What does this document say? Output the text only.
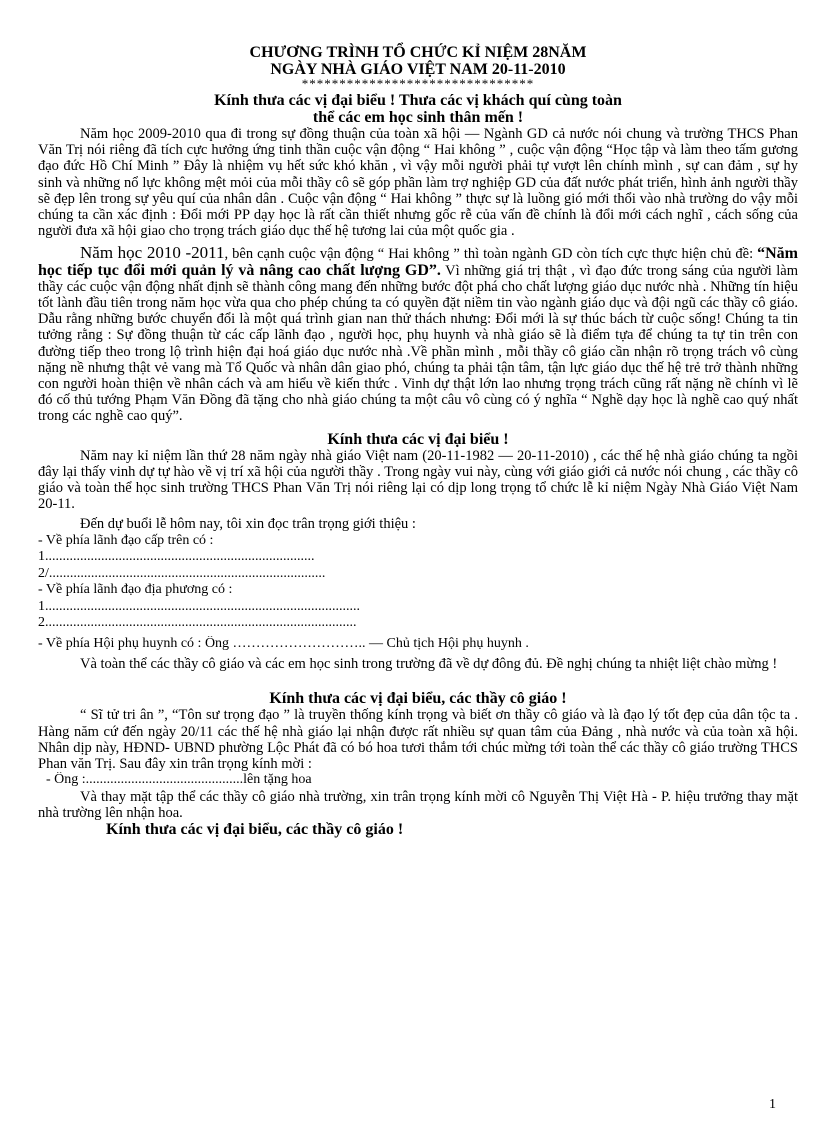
CHƯƠNG TRÌNH TỔ CHỨC KỈ NIỆM 28NĂM
NGÀY NHÀ GIÁO VIỆT NAM 20-11-2010
*******************************
Kính thưa các vị đại biểu ! Thưa các vị khách quí cùng toàn
thể các em học sinh thân mến !

Năm học 2009-2010 qua đi trong sự đồng thuận của toàn xã hội — Ngành GD cả nước nói chung và trường THCS Phan Văn Trị nói riêng đã tích cực hưởng ứng tinh thần cuộc vận động “ Hai không ” , cuộc vận động “Học tập và làm theo tấm gương đạo đức Hồ Chí Minh ” Đây là nhiệm vụ hết sức khó khăn , vì vậy mỗi người phải tự vượt lên chính mình , sự can đảm , sự hy sinh và những nổ lực không mệt mỏi của mỗi thầy cô sẽ góp phần làm trợ nghiệp GD của đất nước phát triển, hình ảnh người thầy sẽ đẹp lên trong sự yêu quí của nhân dân . Cuộc vận động “ Hai không ” thực sự là luồng gió mới thổi vào nhà trường do vậy mỗi chúng ta cần xác định : Đổi mới PP dạy học là rất cần thiết nhưng gốc rễ của vấn đề chính là đổi mới cách nghĩ , cách sống của người đưa xã hội giao cho trọng trách giáo dục thế hệ tương lai của một quốc gia .

Năm học 2010 -2011, bên cạnh cuộc vận động “ Hai không ” thì toàn ngành GD còn tích cực thực hiện chủ đề: “Năm học tiếp tục đổi mới quản lý và nâng cao chất lượng GD”. Vì những giá trị thật , vì đạo đức trong sáng của người làm thầy các cuộc vận động nhất định sẽ thành công mang đến những bước đột phá cho chất lượng giáo dục nước nhà . Những tín hiệu tốt lành đầu tiên trong năm học vừa qua cho phép chúng ta có quyền đặt niềm tin vào ngành giáo dục và đội ngũ các thầy cô giáo. Dẫu rằng những bước chuyển đổi là một quá trình gian nan thử thách nhưng: Đổi mới là sự thúc bách từ cuộc sống! Chúng ta tin tưởng rằng : Sự đồng thuận từ các cấp lãnh đạo , người học, phụ huynh và nhà giáo sẽ là điểm tựa để chúng ta tự tin trên con đường tiếp theo trong lộ trình hiện đại hoá giáo dục nước nhà .Về phần mình , mỗi thầy cô giáo cần nhận rõ trọng trách vô cùng nặng nề nhưng thật vẻ vang mà Tổ Quốc và nhân dân giao phó, chúng ta phải tận tâm, tận lực giáo dục thế hệ trẻ trở thành những con người hoàn thiện về nhân cách và am hiểu về kiến thức . Vinh dự thật lớn lao nhưng trọng trách cũng rất nặng nề chính vì lẽ đó cố thủ tướng Phạm Văn Đồng đã tặng cho nhà giáo chúng ta một câu vô cùng có ý nghĩa “ Nghề dạy học là nghề cao quý nhất trong các nghề cao quý”.

Kính thưa các vị đại biểu !

Năm nay kỉ niệm lần thứ 28 năm ngày nhà giáo Việt nam (20-11-1982 — 20-11-2010) , các thế hệ nhà giáo chúng ta ngồi đây lại thấy vinh dự tự hào về vị trí xã hội của người thầy . Trong ngày vui này, cùng với giáo giới cả nước nói chung , các thầy cô giáo và toàn thể học sinh trường THCS Phan Văn Trị nói riêng lại có dịp long trọng tổ chức lễ kỉ niệm Ngày Nhà Giáo Việt Nam 20-11.

Đến dự buổi lễ hôm nay, tôi xin đọc trân trọng giới thiệu :

- Về phía lãnh đạo cấp trên có :
1.............................................................................
2/...............................................................................
- Về phía lãnh đạo địa phương có :
1..........................................................................................
2.........................................................................................
- Về phía Hội phụ huynh có : Ông ……………………….. — Chủ tịch Hội phụ huynh .

Và toàn thể các thầy cô giáo và các em học sinh trong trường đã về dự đông đủ. Đề nghị chúng ta nhiệt liệt chào mừng !

Kính thưa các vị đại biểu, các thầy cô giáo !

“ Sĩ tử tri ân ”, “Tôn sư trọng đạo ” là truyền thống kính trọng và biết ơn thầy cô giáo và là đạo lý tốt đẹp của dân tộc ta . Hàng năm cứ đến ngày 20/11 các thế hệ nhà giáo lại nhận được rất nhiều sự quan tâm của Đảng , nhà nước và của toàn xã hội. Nhân dịp này, HĐND- UBND phường Lộc Phát đã có bó hoa tươi thắm tới chúc mừng tới toàn thể các thầy cô giáo trường THCS Phan văn Trị. Sau đây xin trân trọng kính mời :

- Ông :.............................................lên tặng hoa

Và thay mặt tập thể các thầy cô giáo nhà trường, xin trân trọng kính mời cô Nguyễn Thị Việt Hà - P. hiệu trưởng thay mặt nhà trường lên nhận hoa.

Kính thưa các vị đại biểu, các thầy cô giáo !
1
